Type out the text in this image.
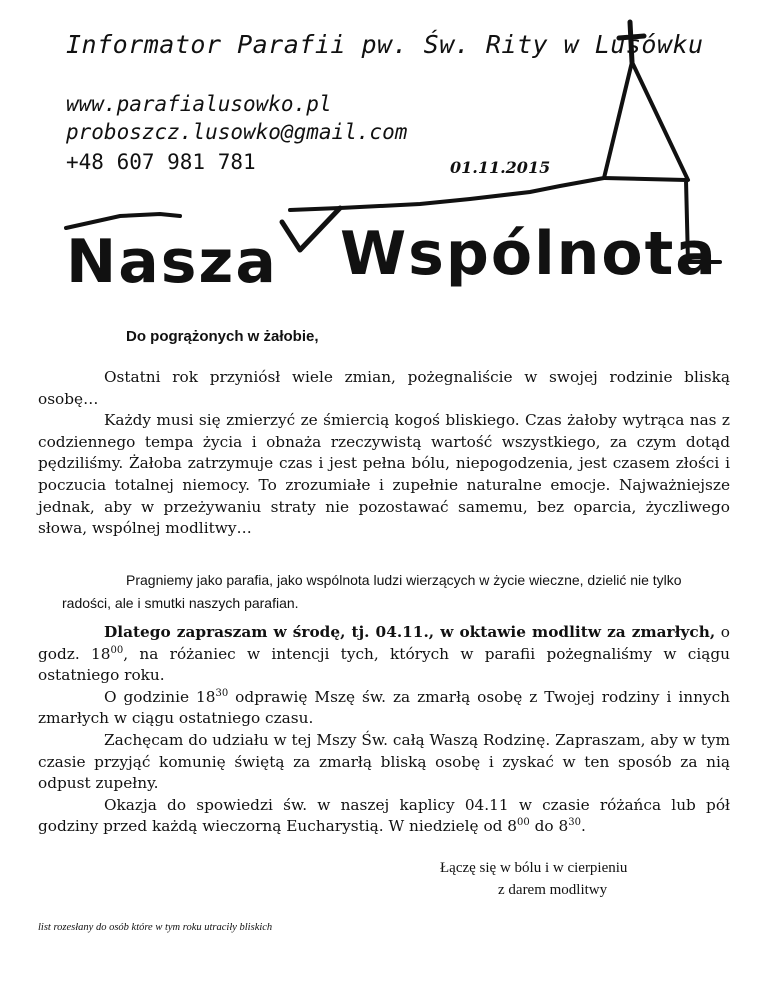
Informator Parafii pw. Św. Rity w Lusówku
www.parafialusowko.pl
proboszcz.lusowko@gmail.com
+48 607 981 781	01.11.2015
Nasza Wspólnota
Do pogrążonych w żałobie,

Ostatni rok przyniósł wiele zmian, pożegnaliście w swojej rodzinie bliską osobę…

Każdy musi się zmierzyć ze śmiercią kogoś bliskiego. Czas żałoby wytrąca nas z codziennego tempa życia i obnaża rzeczywistą wartość wszystkiego, za czym dotąd pędziliśmy. Żałoba zatrzymuje czas i jest pełna bólu, niepogodzenia, jest czasem złości i poczucia totalnej niemocy. To zrozumiałe i zupełnie naturalne emocje. Najważniejsze jednak, aby w przeżywaniu straty nie pozostawać samemu, bez oparcia, życzliwego słowa, wspólnej modlitwy…

Pragniemy jako parafia, jako wspólnota ludzi wierzących w życie wieczne, dzielić nie tylko radości, ale i smutki naszych parafian.

Dlatego zapraszam w środę, tj. 04.11., w oktawie modlitw za zmarłych, o godz. $18^{00}$, na różaniec w intencji tych, których w parafii pożegnaliśmy w ciągu ostatniego roku.

O godzinie $18^{30}$ odprawię Mszę św. za zmarłą osobę z Twojej rodziny i innych zmarłych w ciągu ostatniego czasu.

Zachęcam do udziału w tej Mszy Św. całą Waszą Rodzinę. Zapraszam, aby w tym czasie przyjąć komunię świętą za zmarłą bliską osobę i zyskać w ten sposób za nią odpust zupełny.

Okazja do spowiedzi św. w naszej kaplicy 04.11 w czasie różańca lub pół godziny przed każdą wieczorną Eucharystią. W niedzielę od $8^{00}$ do $8^{30}$.

Łączę się w bólu i w cierpieniu
z darem modlitwy
list rozesłany do osób które w tym roku utraciły bliskich
